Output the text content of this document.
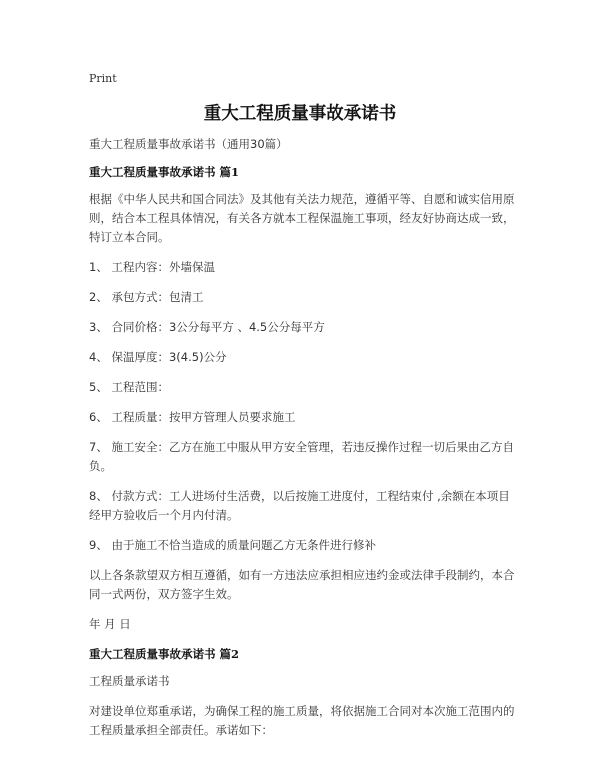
Print
重大工程质量事故承诺书

重大工程质量事故承诺书（通用30篇）

重大工程质量事故承诺书 篇1

根据《中华人民共和国合同法》及其他有关法力规范，遵循平等、自愿和诚实信用原则，结合本工程具体情况，有关各方就本工程保温施工事项，经友好协商达成一致，特订立本合同。

1、 工程内容：外墙保温

2、 承包方式：包清工

3、 合同价格：3公分每平方 、4.5公分每平方

4、 保温厚度：3(4.5)公分

5、 工程范围：

6、 工程质量：按甲方管理人员要求施工

7、 施工安全：乙方在施工中服从甲方安全管理，若违反操作过程一切后果由乙方自负。

8、 付款方式：工人进场付生活费，以后按施工进度付，工程结束付 ,余额在本项目经甲方验收后一个月内付清。

9、 由于施工不恰当造成的质量问题乙方无条件进行修补

以上各条款望双方相互遵循，如有一方违法应承担相应违约金或法律手段制约，本合同一式两份，双方签字生效。

年 月 日

重大工程质量事故承诺书 篇2

工程质量承诺书

对建设单位郑重承诺，为确保工程的施工质量，将依据施工合同对本次施工范围内的工程质量承担全部责任。承诺如下：
